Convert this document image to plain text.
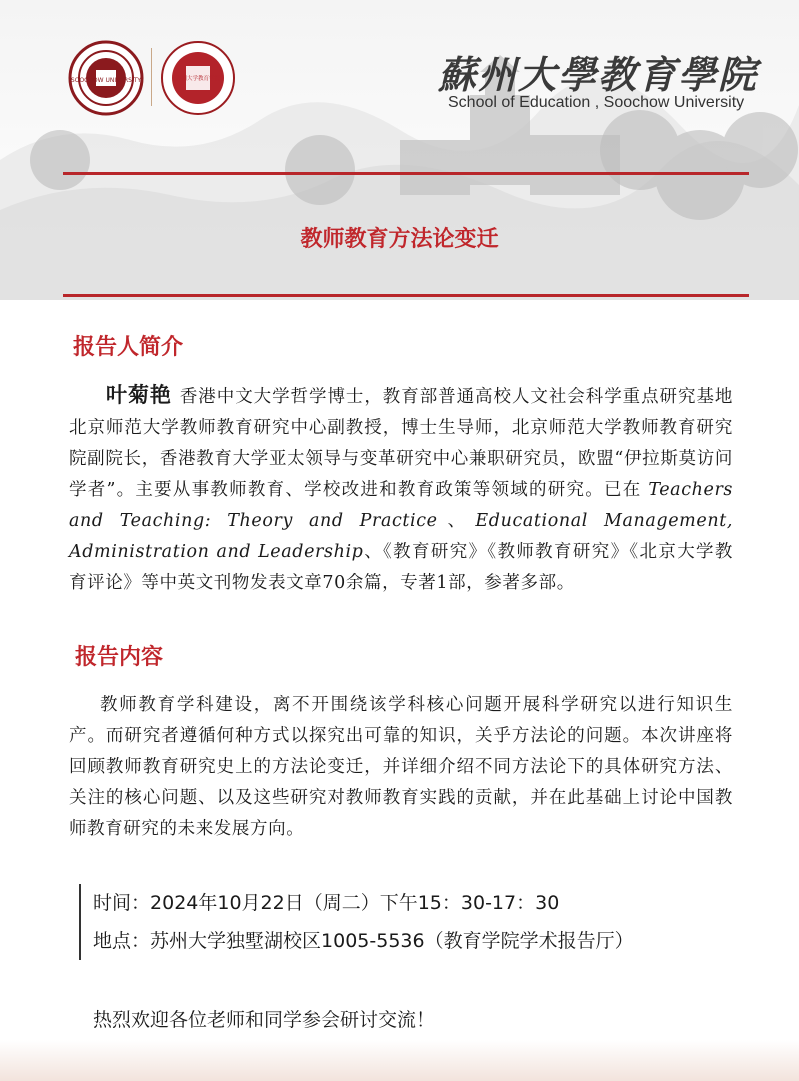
SOOCHOW UNIVERSITY	苏州大学教育学院	蘇州大學教育學院
School of Education , Soochow University
教师教育方法论变迁
报告人简介
叶菊艳 香港中文大学哲学博士，教育部普通高校人文社会科学重点研究基地北京师范大学教师教育研究中心副教授，博士生导师，北京师范大学教师教育研究院副院长，香港教育大学亚太领导与变革研究中心兼职研究员，欧盟“伊拉斯莫访问学者”。主要从事教师教育、学校改进和教育政策等领域的研究。已在 Teachers and Teaching: Theory and Practice、Educational Management, Administration and Leadership、《教育研究》《教师教育研究》《北京大学教育评论》等中英文刊物发表文章70余篇，专著1部，参著多部。
报告内容
教师教育学科建设，离不开围绕该学科核心问题开展科学研究以进行知识生产。而研究者遵循何种方式以探究出可靠的知识，关乎方法论的问题。本次讲座将回顾教师教育研究史上的方法论变迁，并详细介绍不同方法论下的具体研究方法、关注的核心问题、以及这些研究对教师教育实践的贡献，并在此基础上讨论中国教师教育研究的未来发展方向。
时间：2024年10月22日（周二）下午15：30-17：30
地点：苏州大学独墅湖校区1005-5536（教育学院学术报告厅）
热烈欢迎各位老师和同学参会研讨交流！
